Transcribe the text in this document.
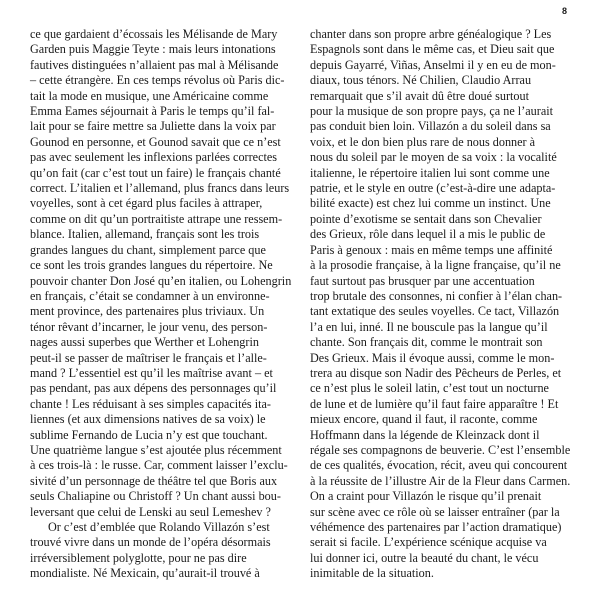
8
ce que gardaient d’écossais les Mélisande de Mary
Garden puis Maggie Teyte : mais leurs intonations
fautives distinguées n’allaient pas mal à Mélisande
– cette étrangère. En ces temps révolus où Paris dic-
tait la mode en musique, une Américaine comme
Emma Eames séjournait à Paris le temps qu’il fal-
lait pour se faire mettre sa Juliette dans la voix par
Gounod en personne, et Gounod savait que ce n’est
pas avec seulement les inflexions parlées correctes
qu’on fait (car c’est tout un faire) le français chanté
correct. L’italien et l’allemand, plus francs dans leurs
voyelles, sont à cet égard plus faciles à attraper,
comme on dit qu’un portraitiste attrape une ressem-
blance. Italien, allemand, français sont les trois
grandes langues du chant, simplement parce que
ce sont les trois grandes langues du répertoire. Ne
pouvoir chanter Don José qu’en italien, ou Lohengrin
en français, c’était se condamner à un environne-
ment province, des partenaires plus triviaux. Un
ténor rêvant d’incarner, le jour venu, des person-
nages aussi superbes que Werther et Lohengrin
peut-il se passer de maîtriser le français et l’alle-
mand ? L’essentiel est qu’il les maîtrise avant – et
pas pendant, pas aux dépens des personnages qu’il
chante ! Les réduisant à ses simples capacités ita-
liennes (et aux dimensions natives de sa voix) le
sublime Fernando de Lucia n’y est que touchant.
Une quatrième langue s’est ajoutée plus récemment
à ces trois-là : le russe. Car, comment laisser l’exclu-
sivité d’un personnage de théâtre tel que Boris aux
seuls Chaliapine ou Christoff ? Un chant aussi bou-
leversant que celui de Lenski au seul Lemeshev ?
Or c’est d’emblée que Rolando Villazón s’est
trouvé vivre dans un monde de l’opéra désormais
irréversiblement polyglotte, pour ne pas dire
mondialiste. Né Mexicain, qu’aurait-il trouvé à
chanter dans son propre arbre généalogique ? Les
Espagnols sont dans le même cas, et Dieu sait que
depuis Gayarré, Viñas, Anselmi il y en eu de mon-
diaux, tous ténors. Né Chilien, Claudio Arrau
remarquait que s’il avait dû être doué surtout
pour la musique de son propre pays, ça ne l’aurait
pas conduit bien loin. Villazón a du soleil dans sa
voix, et le don bien plus rare de nous donner à
nous du soleil par le moyen de sa voix : la vocalité
italienne, le répertoire italien lui sont comme une
patrie, et le style en outre (c’est-à-dire une adapta-
bilité exacte) est chez lui comme un instinct. Une
pointe d’exotisme se sentait dans son Chevalier
des Grieux, rôle dans lequel il a mis le public de
Paris à genoux : mais en même temps une affinité
à la prosodie française, à la ligne française, qu’il ne
faut surtout pas brusquer par une accentuation
trop brutale des consonnes, ni confier à l’élan chan-
tant extatique des seules voyelles. Ce tact, Villazón
l’a en lui, inné. Il ne bouscule pas la langue qu’il
chante. Son français dit, comme le montrait son
Des Grieux. Mais il évoque aussi, comme le mon-
trera au disque son Nadir des Pêcheurs de Perles, et
ce n’est plus le soleil latin, c’est tout un nocturne
de lune et de lumière qu’il faut faire apparaître ! Et
mieux encore, quand il faut, il raconte, comme
Hoffmann dans la légende de Kleinzack dont il
régale ses compagnons de beuverie. C’est l’ensemble
de ces qualités, évocation, récit, aveu qui concourent
à la réussite de l’illustre Air de la Fleur dans Carmen.
On a craint pour Villazón le risque qu’il prenait
sur scène avec ce rôle où se laisser entraîner (par la
véhémence des partenaires par l’action dramatique)
serait si facile. L’expérience scénique acquise va
lui donner ici, outre la beauté du chant, le vécu
inimitable de la situation.
